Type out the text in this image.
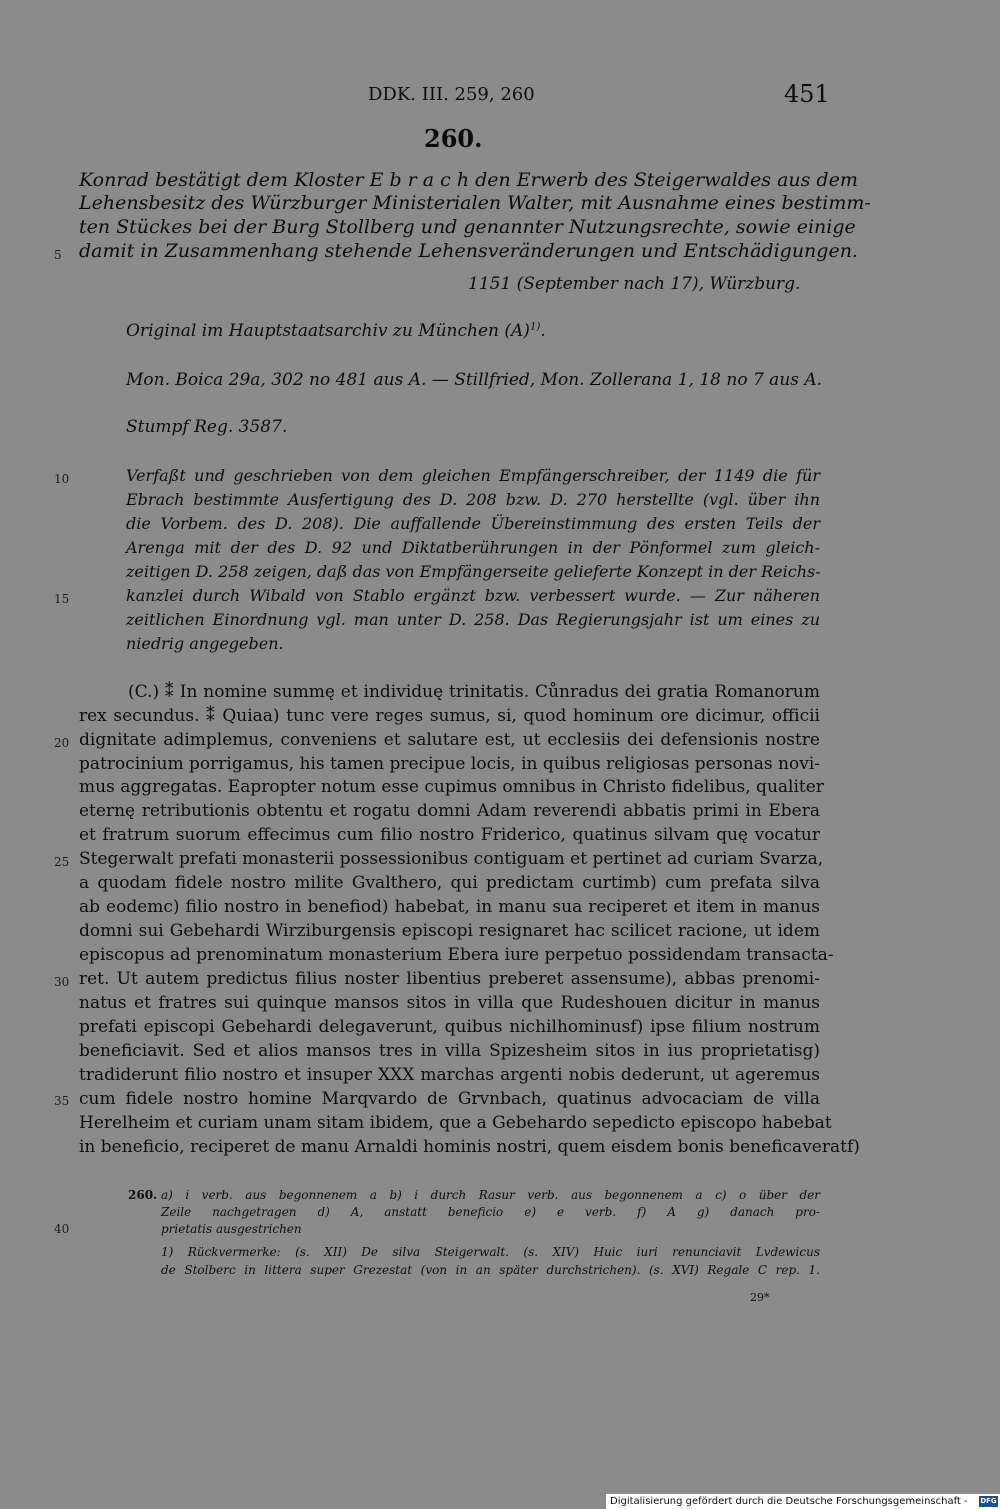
DDK. III. 259, 260	451
260.
Konrad bestätigt dem Kloster E b r a c h den Erwerb des Steigerwaldes aus dem
Lehensbesitz des Würzburger Ministerialen Walter, mit Ausnahme eines bestimm-
ten Stückes bei der Burg Stollberg und genannter Nutzungsrechte, sowie einige
damit in Zusammenhang stehende Lehensveränderungen und Entschädigungen.
5
1151 (September nach 17), Würzburg.
Original im Hauptstaatsarchiv zu München $(A)^{1)}$.
Mon. Boica 29a, 302 no 481 aus A. — Stillfried, Mon. Zollerana 1, 18 no 7 aus A.
Stumpf Reg. 3587.
Verfaßt und geschrieben von dem gleichen Empfängerschreiber, der 1149 die für
Ebrach bestimmte Ausfertigung des D. 208 bzw. D. 270 herstellte (vgl. über ihn
die Vorbem. des D. 208). Die auffallende Übereinstimmung des ersten Teils der
Arenga mit der des D. 92 und Diktatberührungen in der Pönformel zum gleich-
zeitigen D. 258 zeigen, daß das von Empfängerseite gelieferte Konzept in der Reichs-
kanzlei durch Wibald von Stablo ergänzt bzw. verbessert wurde. — Zur näheren
zeitlichen Einordnung vgl. man unter D. 258. Das Regierungsjahr ist um eines zu
niedrig angegeben.
10
15
(C.) ⁑ In nomine summę et individuę trinitatis. Cůnradus dei gratia Romanorum
rex secundus. ⁑ Quiaa) tunc vere reges sumus, si, quod hominum ore dicimur, officii
dignitate adimplemus, conveniens et salutare est, ut ecclesiis dei defensionis nostre
patrocinium porrigamus, his tamen precipue locis, in quibus religiosas personas novi-
mus aggregatas. Eapropter notum esse cupimus omnibus in Christo fidelibus, qualiter
eternę retributionis obtentu et rogatu domni Adam reverendi abbatis primi in Ebera
et fratrum suorum effecimus cum filio nostro Friderico, quatinus silvam quę vocatur
Stegerwalt prefati monasterii possessionibus contiguam et pertinet ad curiam Svarza,
a quodam fidele nostro milite Gvalthero, qui predictam curtimb) cum prefata silva
ab eodemc) filio nostro in benefiod) habebat, in manu sua reciperet et item in manus
domni sui Gebehardi Wirziburgensis episcopi resignaret hac scilicet racione, ut idem
episcopus ad prenominatum monasterium Ebera iure perpetuo possidendam transacta-
ret. Ut autem predictus filius noster libentius preberet assensume), abbas prenomi-
natus et fratres sui quinque mansos sitos in villa que Rudeshouen dicitur in manus
prefati episcopi Gebehardi delegaverunt, quibus nichilhominusf) ipse filium nostrum
beneficiavit. Sed et alios mansos tres in villa Spizesheim sitos in ius proprietatisg)
tradiderunt filio nostro et insuper XXX marchas argenti nobis dederunt, ut ageremus
cum fidele nostro homine Marqvardo de Grvnbach, quatinus advocaciam de villa
Herelheim et curiam unam sitam ibidem, que a Gebehardo sepedicto episcopo habebat
in beneficio, reciperet de manu Arnaldi hominis nostri, quem eisdem bonis beneficaveratf)
20
25
30
35
260. a) i verb. aus begonnenem a b) i durch Rasur verb. aus begonnenem a c) o über der
Zeile nachgetragen d) A, anstatt beneficio e) e verb. f) A g) danach pro-
prietatis ausgestrichen
40
1) Rückvermerke: (s. XII) De silva Steigerwalt. (s. XIV) Huic iuri renunciavit Lvdewicus
de Stolberc in littera super Grezestat (von in an später durchstrichen). (s. XVI) Regale C rep. 1.
29*
Digitalisierung gefördert durch die Deutsche Forschungsgemeinschaft - DFG
